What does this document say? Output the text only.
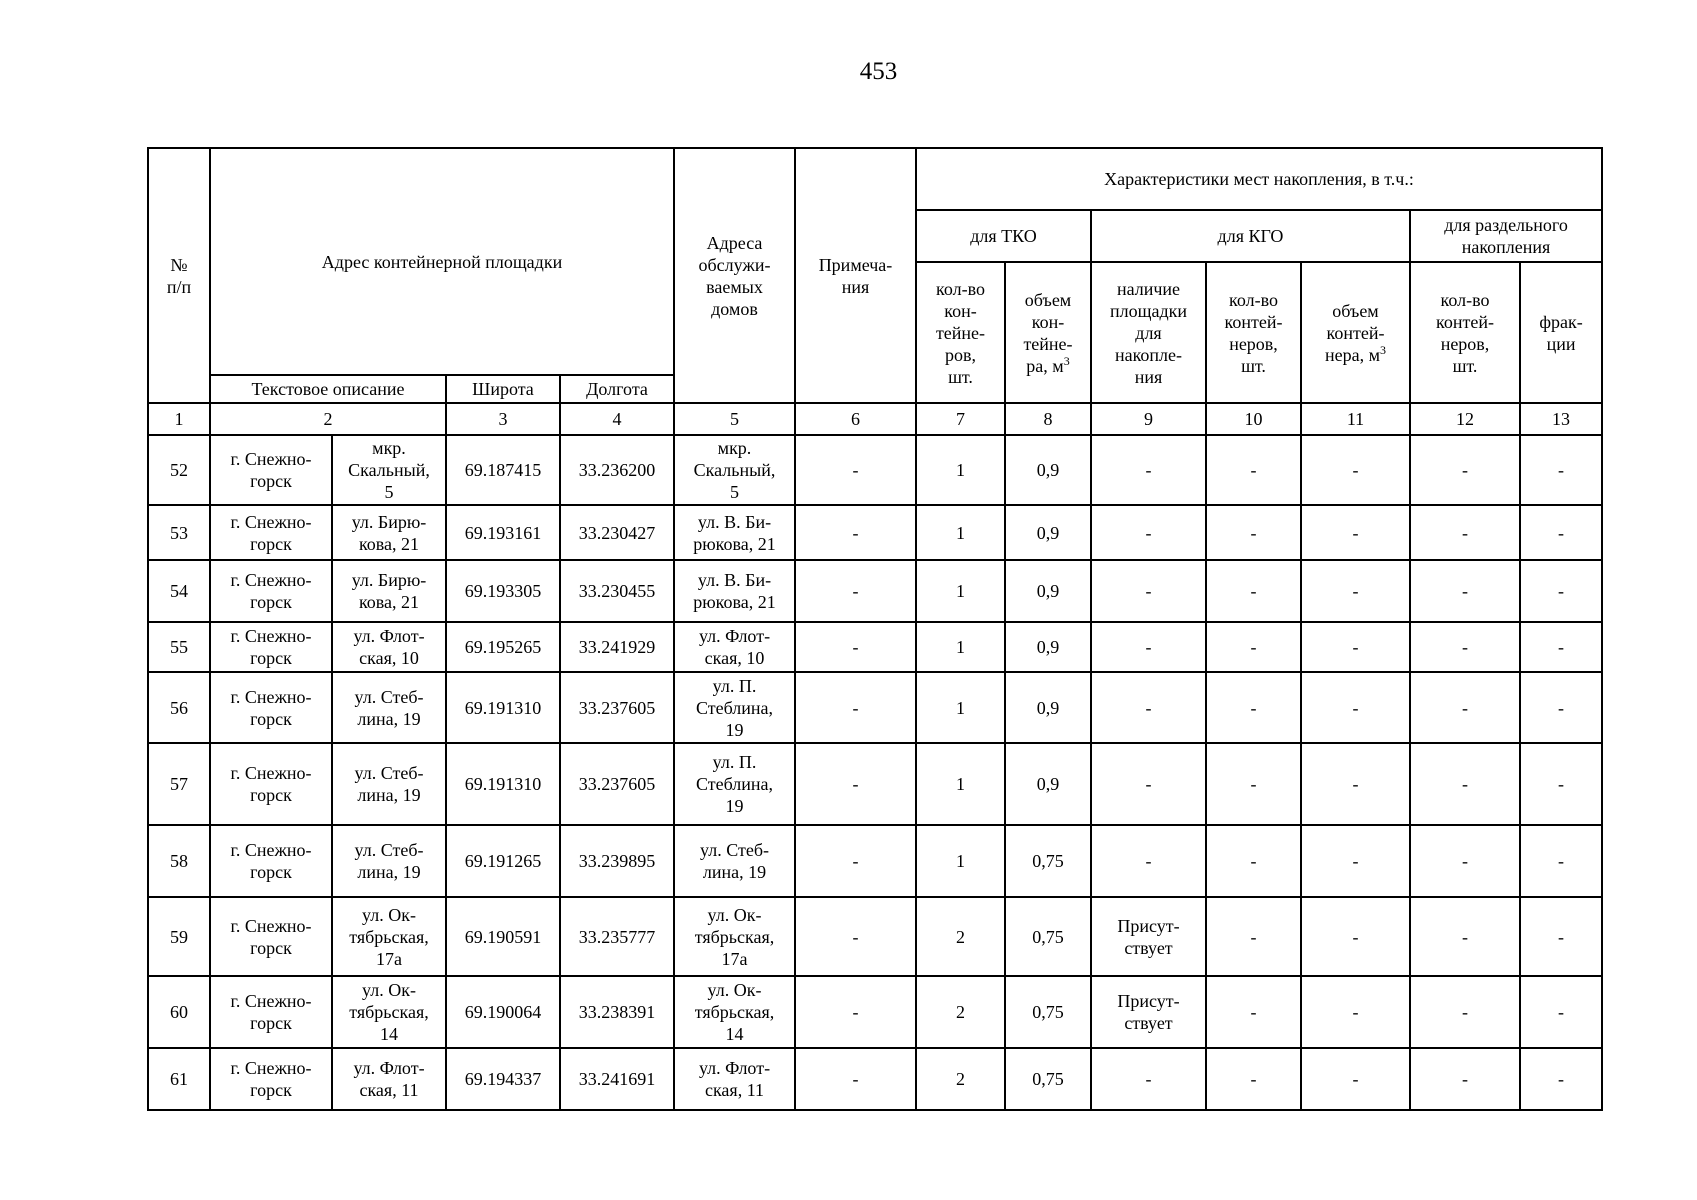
453
№
п/п	Адрес контейнерной площадки				Адреса
обслужи-
ваемых
домов	Примеча-
ния	Характеристики мест накопления, в т.ч.:						
							для ТКО		для КГО			для раздельного
накопления	
							кол-во
кон-
тейне-
ров,
шт.	объем
кон-
тейне-
ра, $м^3$	наличие
площадки
для
накопле-
ния	кол-во
контей-
неров,
шт.	объем
контей-
нера, $м^3$	кол-во
контей-
неров,
шт.	фрак-
ции
	Текстовое описание		Широта	Долгота									
1	2		3	4	5	6	7	8	9	10	11	12	13
52	г. Снежно-
горск	мкр.
Скальный,
5	69.187415	33.236200	мкр.
Скальный,
5	-	1	0,9	-	-	-	-	-
53	г. Снежно-
горск	ул. Бирю-
кова, 21	69.193161	33.230427	ул. В. Би-
рюкова, 21	-	1	0,9	-	-	-	-	-
54	г. Снежно-
горск	ул. Бирю-
кова, 21	69.193305	33.230455	ул. В. Би-
рюкова, 21	-	1	0,9	-	-	-	-	-
55	г. Снежно-
горск	ул. Флот-
ская, 10	69.195265	33.241929	ул. Флот-
ская, 10	-	1	0,9	-	-	-	-	-
56	г. Снежно-
горск	ул. Стеб-
лина, 19	69.191310	33.237605	ул. П.
Стеблина,
19	-	1	0,9	-	-	-	-	-
57	г. Снежно-
горск	ул. Стеб-
лина, 19	69.191310	33.237605	ул. П.
Стеблина,
19	-	1	0,9	-	-	-	-	-
58	г. Снежно-
горск	ул. Стеб-
лина, 19	69.191265	33.239895	ул. Стеб-
лина, 19	-	1	0,75	-	-	-	-	-
59	г. Снежно-
горск	ул. Ок-
тябрьская,
17а	69.190591	33.235777	ул. Ок-
тябрьская,
17а	-	2	0,75	Присут-
ствует	-	-	-	-
60	г. Снежно-
горск	ул. Ок-
тябрьская,
14	69.190064	33.238391	ул. Ок-
тябрьская,
14	-	2	0,75	Присут-
ствует	-	-	-	-
61	г. Снежно-
горск	ул. Флот-
ская, 11	69.194337	33.241691	ул. Флот-
ская, 11	-	2	0,75	-	-	-	-	-
